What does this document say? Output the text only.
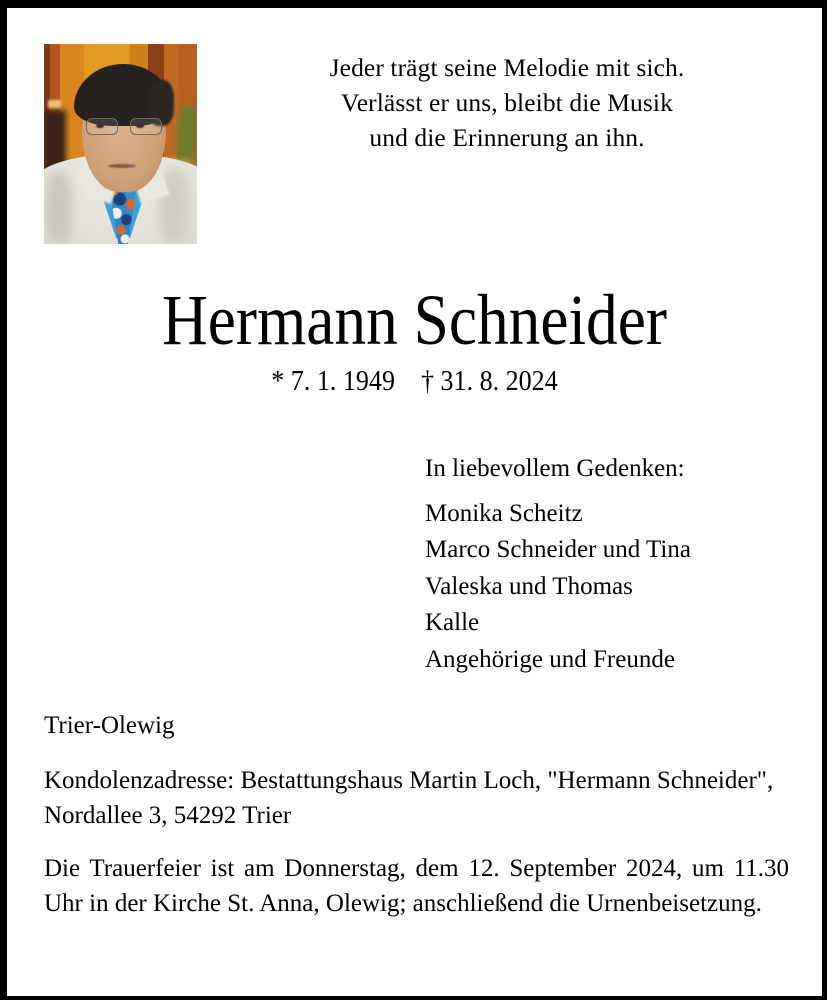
Jeder trägt seine Melodie mit sich.
Verlässt er uns, bleibt die Musik
und die Erinnerung an ihn.
Hermann Schneider
* 7. 1. 1949 † 31. 8. 2024
In liebevollem Gedenken:
Monika Scheitz
Marco Schneider und Tina
Valeska und Thomas
Kalle
Angehörige und Freunde
Trier-Olewig
Kondolenzadresse: Bestattungshaus Martin Loch, "Hermann Schneider", Nordallee 3, 54292 Trier
Die Trauerfeier ist am Donnerstag, dem 12. September 2024, um 11.30 Uhr in der Kirche St. Anna, Olewig; anschließend die Urnenbeisetzung.
